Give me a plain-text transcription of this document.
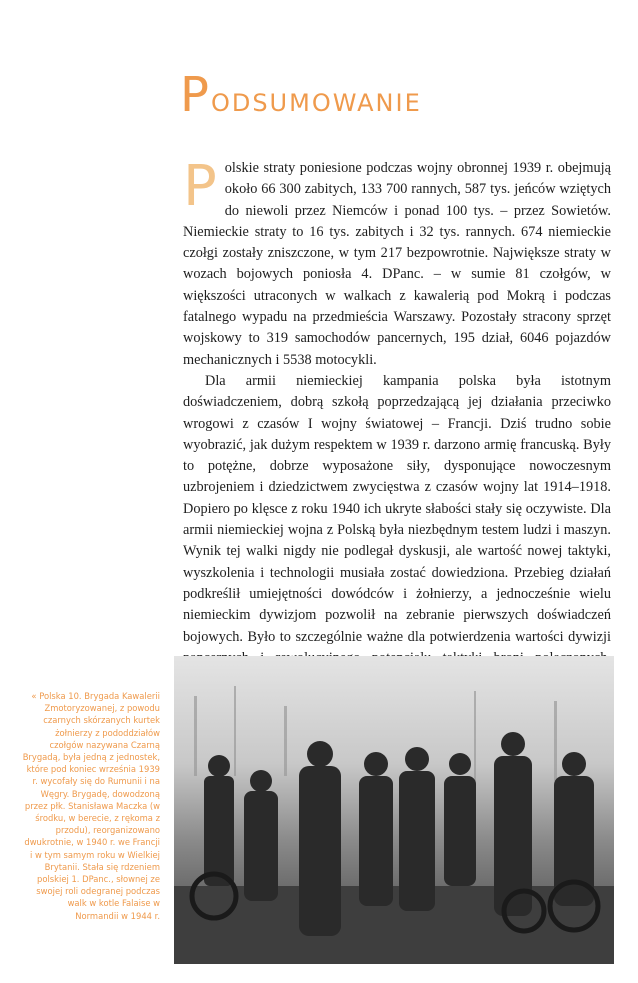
Podsumowanie

Polskie straty poniesione podczas wojny obronnej 1939 r. obejmują około 66 300 zabitych, 133 700 rannych, 587 tys. jeńców wziętych do niewoli przez Niemców i ponad 100 tys. – przez Sowietów. Niemieckie straty to 16 tys. zabitych i 32 tys. rannych. 674 niemieckie czołgi zostały zniszczone, w tym 217 bezpowrotnie. Największe straty w wozach bojowych poniosła 4. DPanc. – w sumie 81 czołgów, w większości utraconych w walkach z kawalerią pod Mokrą i podczas fatalnego wypadu na przedmieścia Warszawy. Pozostały stracony sprzęt wojskowy to 319 samochodów pancernych, 195 dział, 6046 pojazdów mechanicznych i 5538 motocykli.

Dla armii niemieckiej kampania polska była istotnym doświadczeniem, dobrą szkołą poprzedzającą jej działania przeciwko wrogowi z czasów I wojny światowej – Francji. Dziś trudno sobie wyobrazić, jak dużym respektem w 1939 r. darzono armię francuską. Były to potężne, dobrze wyposażone siły, dysponujące nowoczesnym uzbrojeniem i dziedzictwem zwycięstwa z czasów wojny lat 1914–1918. Dopiero po klęsce z roku 1940 ich ukryte słabości stały się oczywiste. Dla armii niemieckiej wojna z Polską była niezbędnym testem ludzi i maszyn. Wynik tej walki nigdy nie podlegał dyskusji, ale wartość nowej taktyki, wyszkolenia i technologii musiała zostać dowiedziona. Przebieg działań podkreślił umiejętności dowódców i żołnierzy, a jednocześnie wielu niemieckim dywizjom pozwolił na zebranie pierwszych doświadczeń bojowych. Było to szczególnie ważne dla potwierdzenia wartości dywizji

« Polska 10. Brygada Kawalerii Zmotoryzowanej, z powodu czarnych skórzanych kurtek żołnierzy z pododdziałów czołgów nazywana Czarną Brygadą, była jedną z jednostek, które pod koniec września 1939 r. wycofały się do Rumunii i na Węgry. Brygadę, dowodzoną przez płk. Stanisława Maczka (w środku, w berecie, z rękoma z przodu), reorganizowano dwukrotnie, w 1940 r. we Francji i w tym samym roku w Wielkiej Brytanii. Stała się rdzeniem polskiej 1. DPanc., słownej ze swojej roli odegranej podczas walk w kotle Falaise w Normandii w 1944 r.
